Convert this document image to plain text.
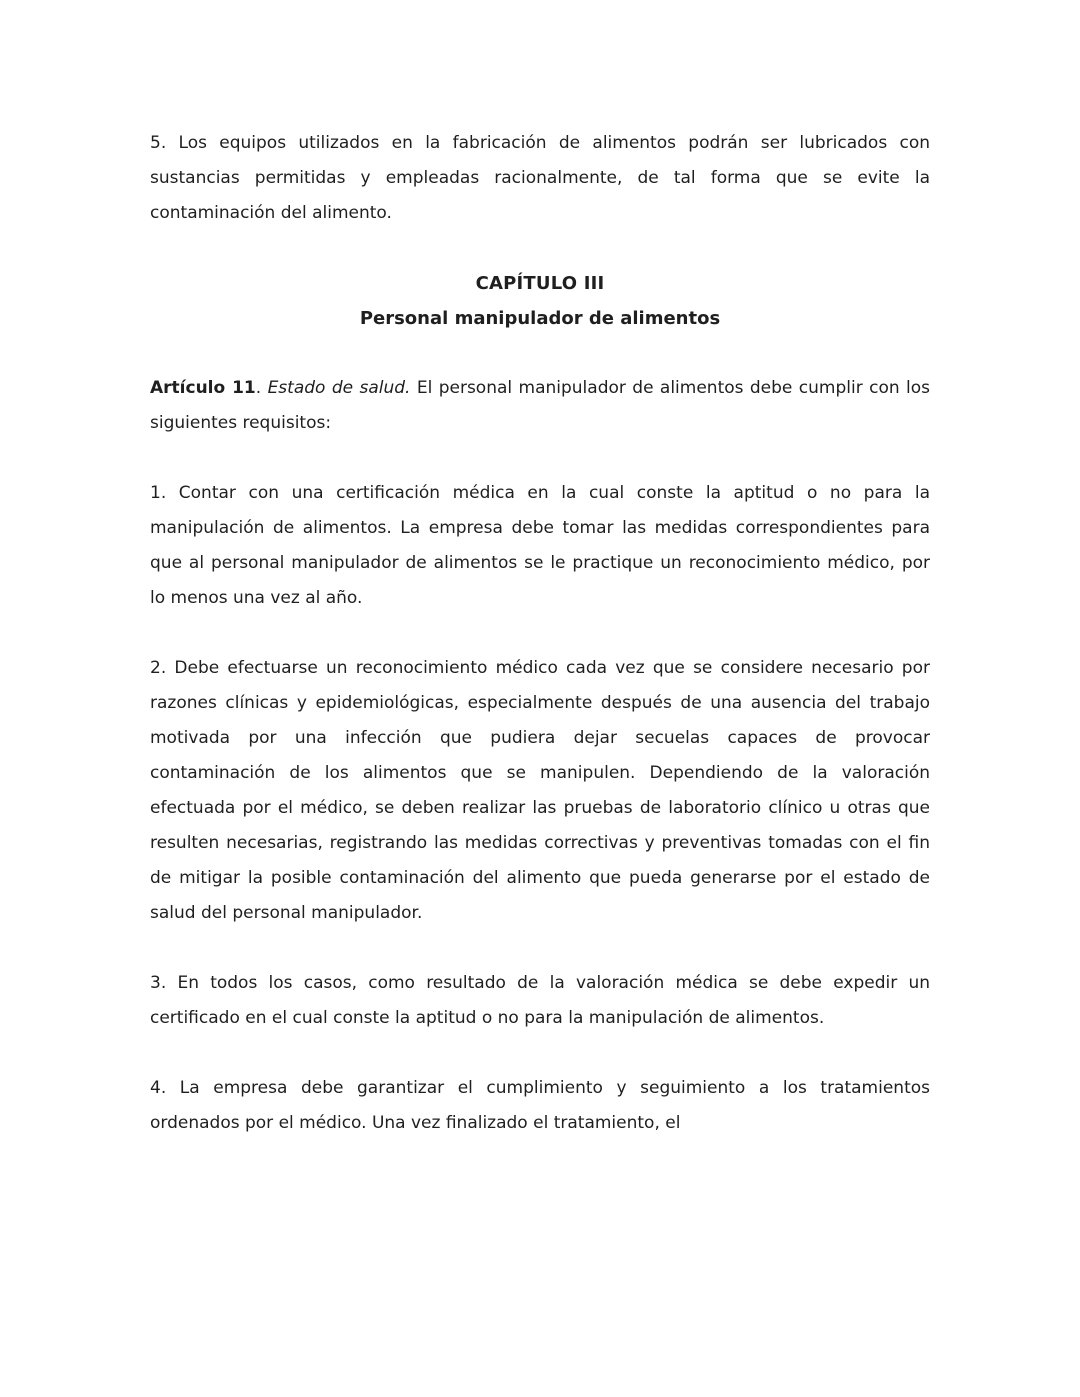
5. Los equipos utilizados en la fabricación de alimentos podrán ser lubricados con sustancias permitidas y empleadas racionalmente, de tal forma que se evite la contaminación del alimento.

CAPÍTULO III
Personal manipulador de alimentos

Artículo 11. Estado de salud. El personal manipulador de alimentos debe cumplir con los siguientes requisitos:

1. Contar con una certificación médica en la cual conste la aptitud o no para la manipulación de alimentos. La empresa debe tomar las medidas correspondientes para que al personal manipulador de alimentos se le practique un reconocimiento médico, por lo menos una vez al año.

2. Debe efectuarse un reconocimiento médico cada vez que se considere necesario por razones clínicas y epidemiológicas, especialmente después de una ausencia del trabajo motivada por una infección que pudiera dejar secuelas capaces de provocar contaminación de los alimentos que se manipulen. Dependiendo de la valoración efectuada por el médico, se deben realizar las pruebas de laboratorio clínico u otras que resulten necesarias, registrando las medidas correctivas y preventivas tomadas con el fin de mitigar la posible contaminación del alimento que pueda generarse por el estado de salud del personal manipulador.

3. En todos los casos, como resultado de la valoración médica se debe expedir un certificado en el cual conste la aptitud o no para la manipulación de alimentos.

4. La empresa debe garantizar el cumplimiento y seguimiento a los tratamientos ordenados por el médico. Una vez finalizado el tratamiento, el
